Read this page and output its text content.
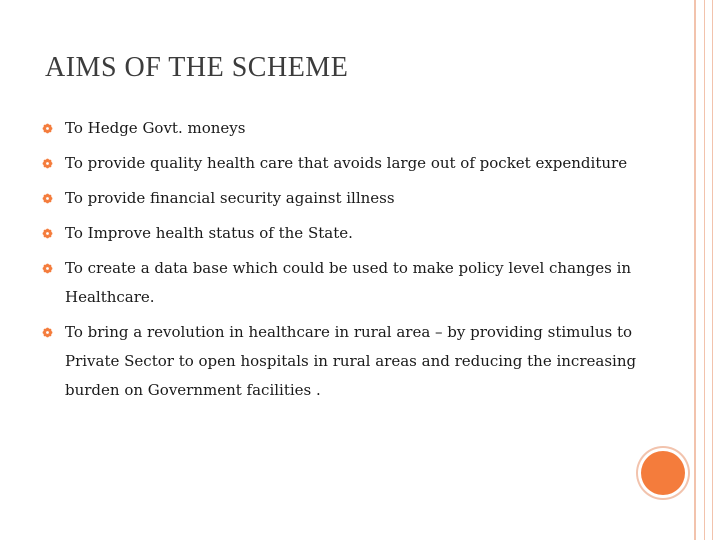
AIMS OF THE SCHEME
To Hedge Govt. moneys
To provide quality health care that avoids large out of pocket expenditure
To provide financial security against illness
To Improve health status of the State.
To create a data base which could be used to make policy level changes in Healthcare.
To bring a revolution in healthcare in rural area – by providing stimulus to Private Sector to open hospitals in rural areas and reducing the increasing burden on Government facilities .
